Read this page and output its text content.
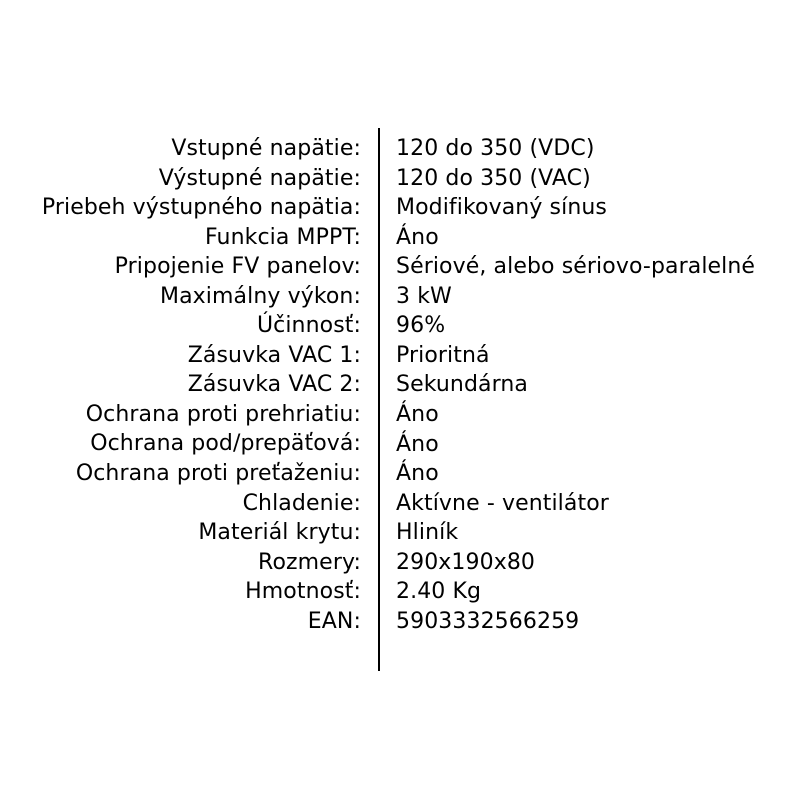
Vstupné napätie:	120 do 350 (VDC)
Výstupné napätie:	120 do 350 (VAC)
Priebeh výstupného napätia:	Modifikovaný sínus
Funkcia MPPT:	Áno
Pripojenie FV panelov:	Sériové, alebo sériovo-paralelné
Maximálny výkon:	3 kW
Účinnosť:	96%
Zásuvka VAC 1:	Prioritná
Zásuvka VAC 2:	Sekundárna
Ochrana proti prehriatiu:	Áno
Ochrana pod/prepäťová:	Áno
Ochrana proti preťaženiu:	Áno
Chladenie:	Aktívne - ventilátor
Materiál krytu:	Hliník
Rozmery:	290x190x80
Hmotnosť:	2.40 Kg
EAN:	5903332566259
